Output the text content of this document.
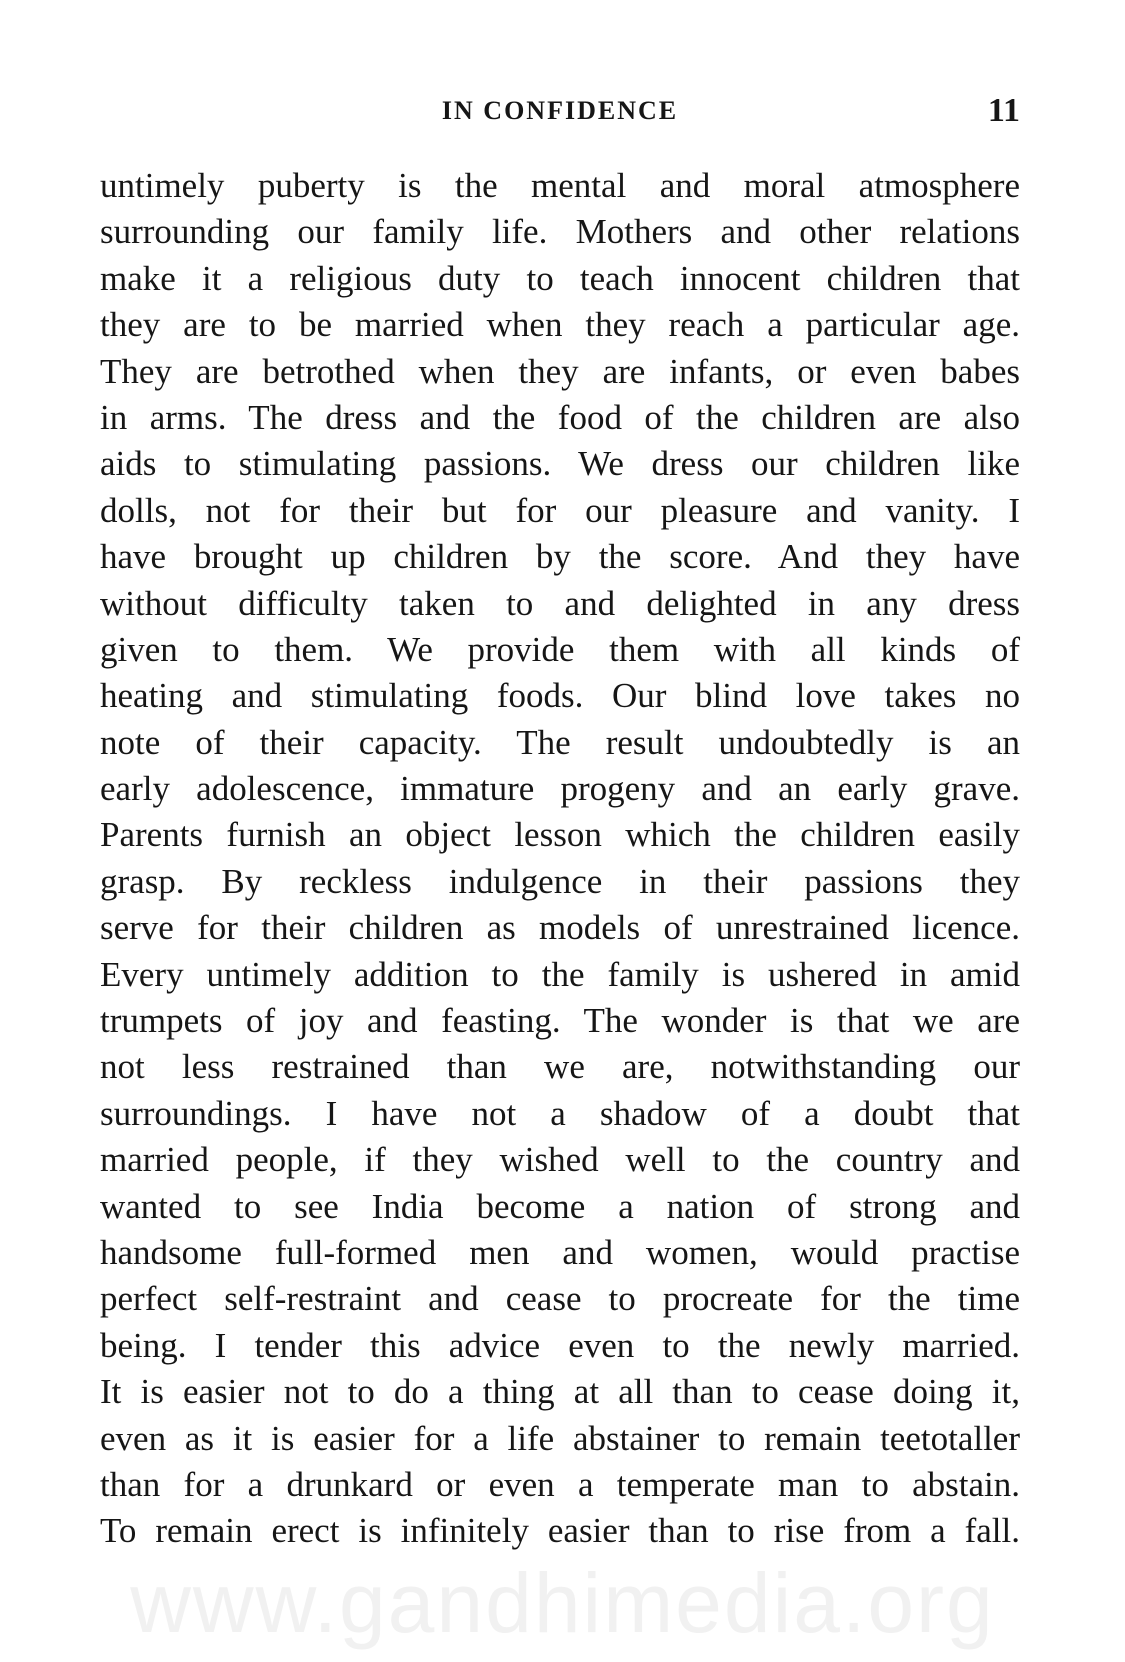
IN CONFIDENCE	11
untimely puberty is the mental and moral atmosphere
surrounding our family life. Mothers and other relations
make it a religious duty to teach innocent children that
they are to be married when they reach a particular age.
They are betrothed when they are infants, or even babes
in arms. The dress and the food of the children are also
aids to stimulating passions. We dress our children like
dolls, not for their but for our pleasure and vanity. I
have brought up children by the score. And they have
without difficulty taken to and delighted in any dress
given to them. We provide them with all kinds of
heating and stimulating foods. Our blind love takes no
note of their capacity. The result undoubtedly is an
early adolescence, immature progeny and an early grave.
Parents furnish an object lesson which the children easily
grasp. By reckless indulgence in their passions they
serve for their children as models of unrestrained licence.
Every untimely addition to the family is ushered in amid
trumpets of joy and feasting. The wonder is that we are
not less restrained than we are, notwithstanding our
surroundings. I have not a shadow of a doubt that
married people, if they wished well to the country and
wanted to see India become a nation of strong and
handsome full-formed men and women, would practise
perfect self-restraint and cease to procreate for the time
being. I tender this advice even to the newly married.
It is easier not to do a thing at all than to cease doing it,
even as it is easier for a life abstainer to remain teetotaller
than for a drunkard or even a temperate man to abstain.
To remain erect is infinitely easier than to rise from a fall.
www.gandhimedia.org
